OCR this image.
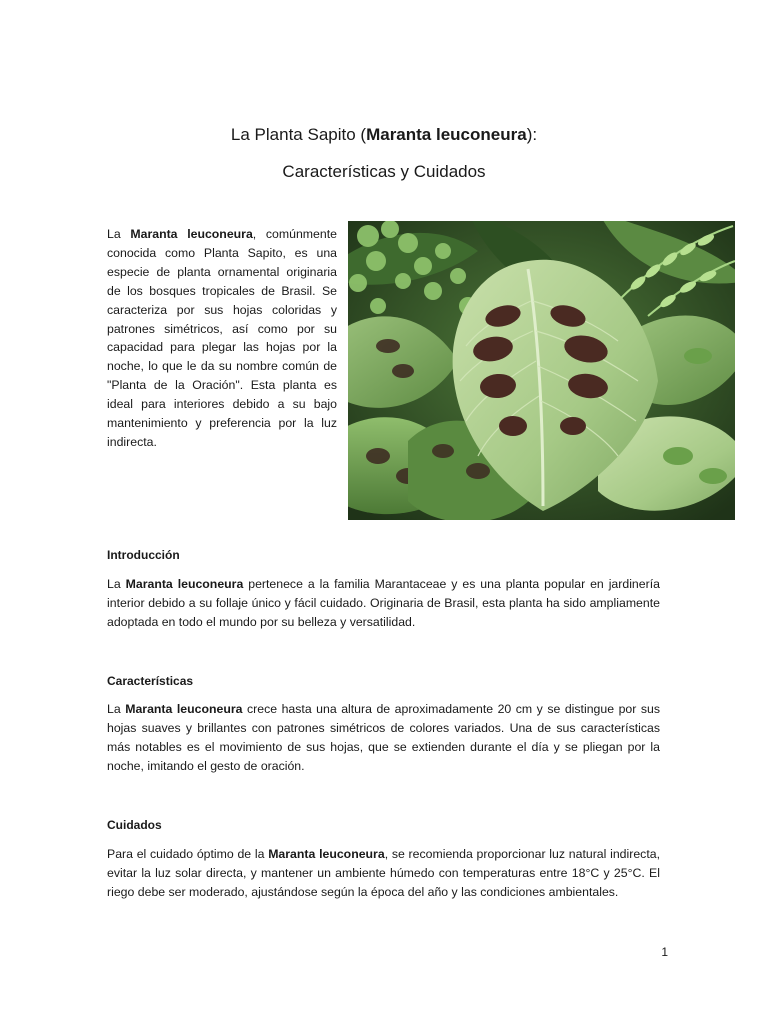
La Planta Sapito (Maranta leuconeura):
Características y Cuidados
La Maranta leuconeura, comúnmente conocida como Planta Sapito, es una especie de planta ornamental originaria de los bosques tropicales de Brasil. Se caracteriza por sus hojas coloridas y patrones simétricos, así como por su capacidad para plegar las hojas por la noche, lo que le da su nombre común de "Planta de la Oración". Esta planta es ideal para interiores debido a su bajo mantenimiento y preferencia por la luz indirecta.
Introducción
La Maranta leuconeura pertenece a la familia Marantaceae y es una planta popular en jardinería interior debido a su follaje único y fácil cuidado. Originaria de Brasil, esta planta ha sido ampliamente adoptada en todo el mundo por su belleza y versatilidad.
Características
La Maranta leuconeura crece hasta una altura de aproximadamente 20 cm y se distingue por sus hojas suaves y brillantes con patrones simétricos de colores variados. Una de sus características más notables es el movimiento de sus hojas, que se extienden durante el día y se pliegan por la noche, imitando el gesto de oración.
Cuidados
Para el cuidado óptimo de la Maranta leuconeura, se recomienda proporcionar luz natural indirecta, evitar la luz solar directa, y mantener un ambiente húmedo con temperaturas entre 18°C y 25°C. El riego debe ser moderado, ajustándose según la época del año y las condiciones ambientales.
1
